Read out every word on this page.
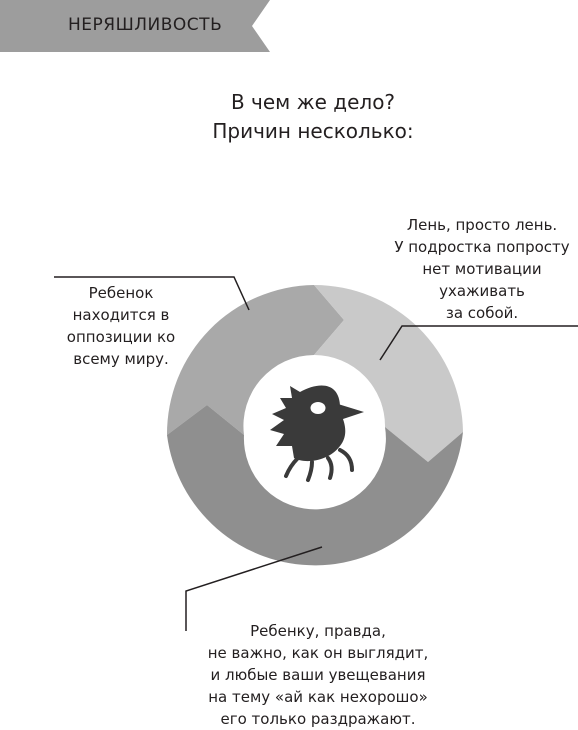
НЕРЯШЛИВОСТЬ
В чем же дело?
Причин несколько:
Ребенок
находится в
оппозиции ко
всему миру.
Лень, просто лень.
У подростка попросту
нет мотивации
ухаживать
за собой.
Ребенку, правда,
не важно, как он выглядит,
и любые ваши увещевания
на тему «ай как нехорошо»
его только раздражают.
